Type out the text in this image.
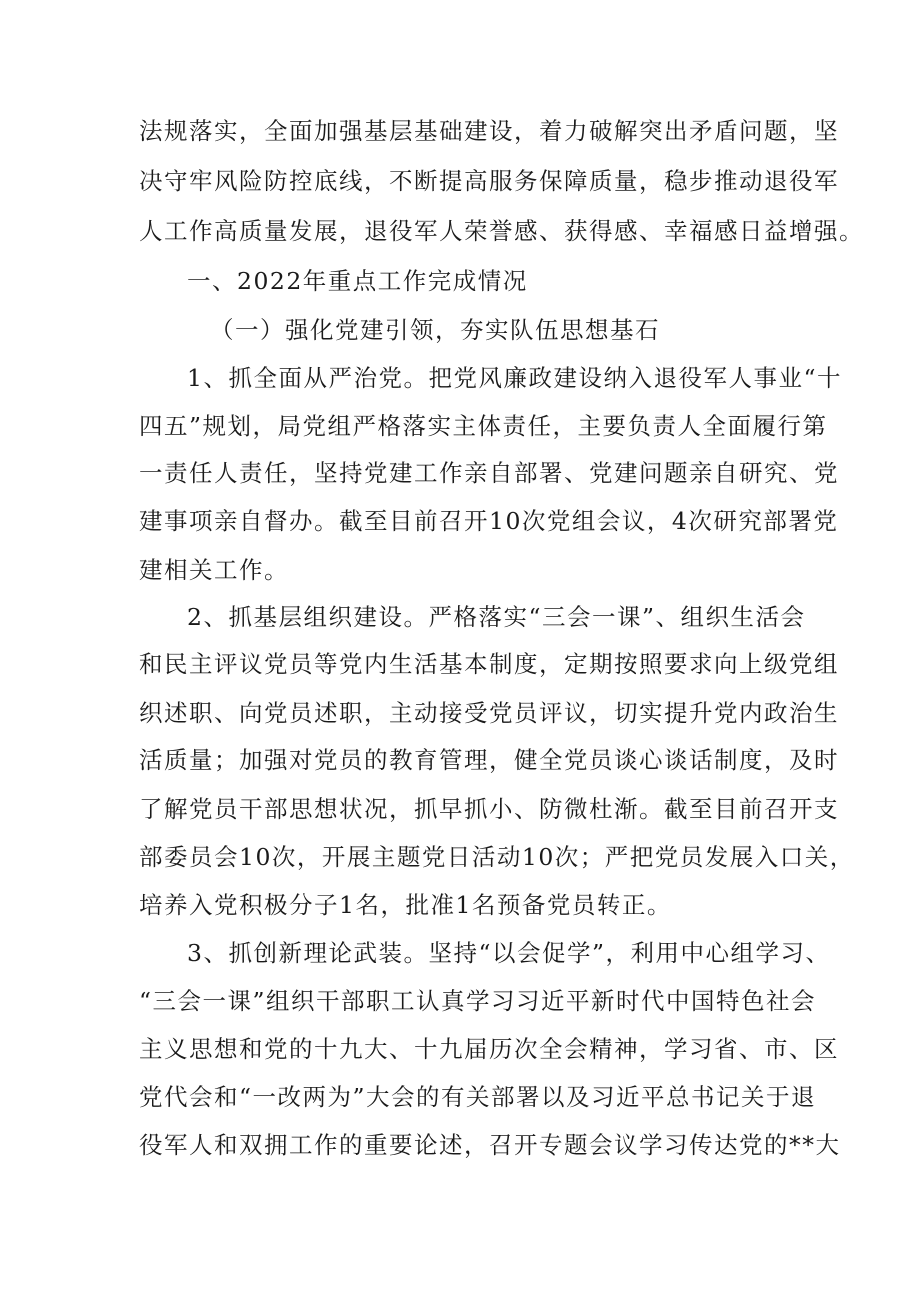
法规落实，全面加强基层基础建设，着力破解突出矛盾问题，坚
决守牢风险防控底线，不断提高服务保障质量，稳步推动退役军
人工作高质量发展，退役军人荣誉感、获得感、幸福感日益增强。
一、2022年重点工作完成情况
（一）强化党建引领，夯实队伍思想基石
1、抓全面从严治党。把党风廉政建设纳入退役军人事业“十
四五”规划，局党组严格落实主体责任，主要负责人全面履行第
一责任人责任，坚持党建工作亲自部署、党建问题亲自研究、党
建事项亲自督办。截至目前召开10次党组会议，4次研究部署党
建相关工作。
2、抓基层组织建设。严格落实“三会一课”、组织生活会
和民主评议党员等党内生活基本制度，定期按照要求向上级党组
织述职、向党员述职，主动接受党员评议，切实提升党内政治生
活质量；加强对党员的教育管理，健全党员谈心谈话制度，及时
了解党员干部思想状况，抓早抓小、防微杜渐。截至目前召开支
部委员会10次，开展主题党日活动10次；严把党员发展入口关，
培养入党积极分子1名，批准1名预备党员转正。
3、抓创新理论武装。坚持“以会促学”，利用中心组学习、
“三会一课”组织干部职工认真学习习近平新时代中国特色社会
主义思想和党的十九大、十九届历次全会精神，学习省、市、区
党代会和“一改两为”大会的有关部署以及习近平总书记关于退
役军人和双拥工作的重要论述，召开专题会议学习传达党的**大
